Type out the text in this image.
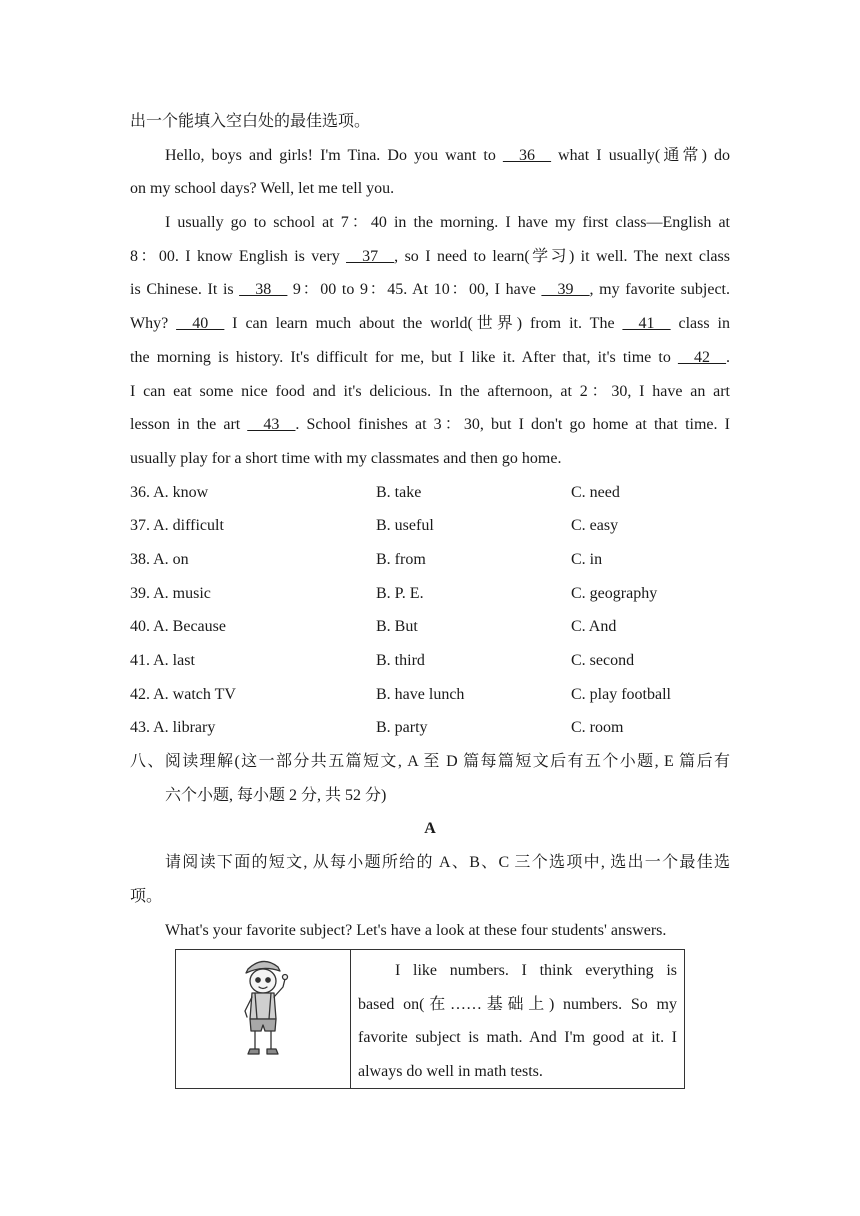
出一个能填入空白处的最佳选项。
Hello, boys and girls! I'm Tina. Do you want to __36__ what I usually(通常) do
on my school days? Well, let me tell you.
I usually go to school at 7：40 in the morning. I have my first class—English at
8：00. I know English is very __37__, so I need to learn(学习) it well. The next class
is Chinese. It is __38__ 9：00 to 9：45. At 10：00, I have __39__, my favorite subject.
Why? __40__ I can learn much about the world(世界) from it. The __41__ class in
the morning is history. It's difficult for me, but I like it. After that, it's time to __42__.
I can eat some nice food and it's delicious. In the afternoon, at 2：30, I have an art
lesson in the art __43__. School finishes at 3：30, but I don't go home at that time. I
usually play for a short time with my classmates and then go home.
36. A. know	B. take	C. need
37. A. difficult	B. useful	C. easy
38. A. on	B. from	C. in
39. A. music	B. P. E.	C. geography
40. A. Because	B. But	C. And
41. A. last	B. third	C. second
42. A. watch TV	B. have lunch	C. play football
43. A. library	B. party	C. room
八、阅读理解(这一部分共五篇短文, A 至 D 篇每篇短文后有五个小题, E 篇后有
六个小题, 每小题 2 分, 共 52 分)
A
请阅读下面的短文, 从每小题所给的 A、B、C 三个选项中, 选出一个最佳选
项。
What's your favorite subject? Let's have a look at these four students' answers.

I like numbers. I think everything is
based on(在……基础上) numbers. So my
favorite subject is math. And I'm good at it. I
always do well in math tests.
